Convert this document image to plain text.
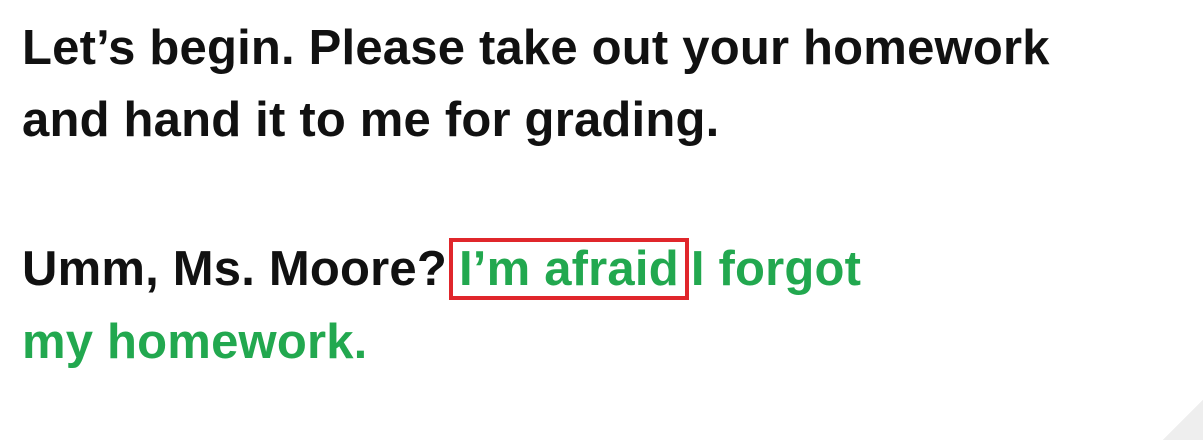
Let’s begin. Please take out your homework
and hand it to me for grading.
Umm, Ms. Moore? I’m afraid I forgot
my homework.
